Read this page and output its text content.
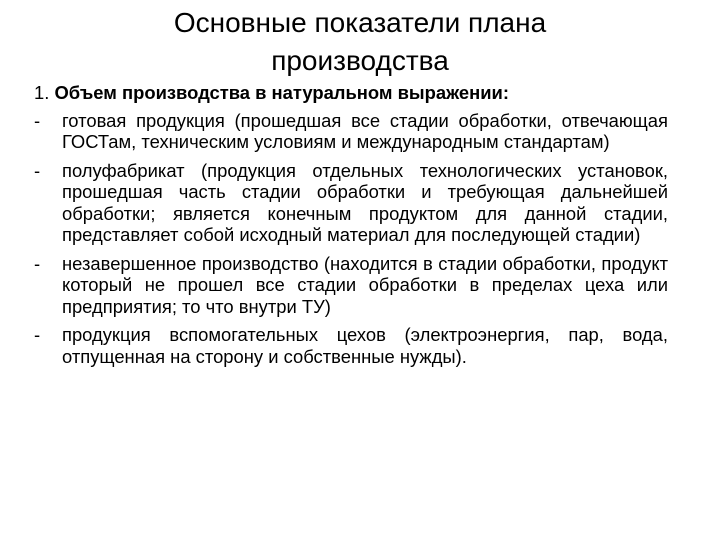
Основные показатели плана
производства
1. Объем производства в натуральном выражении:
- готовая продукция (прошедшая все стадии обработки, отвечающая ГОСТам, техническим условиям и международным стандартам)
- полуфабрикат (продукция отдельных технологических установок, прошедшая часть стадии обработки и требующая дальнейшей обработки; является конечным продуктом для данной стадии, представляет собой исходный материал для последующей стадии)
- незавершенное производство (находится в стадии обработки, продукт который не прошел все стадии обработки в пределах цеха или предприятия; то что внутри ТУ)
- продукция вспомогательных цехов (электроэнергия, пар, вода, отпущенная на сторону и собственные нужды).
